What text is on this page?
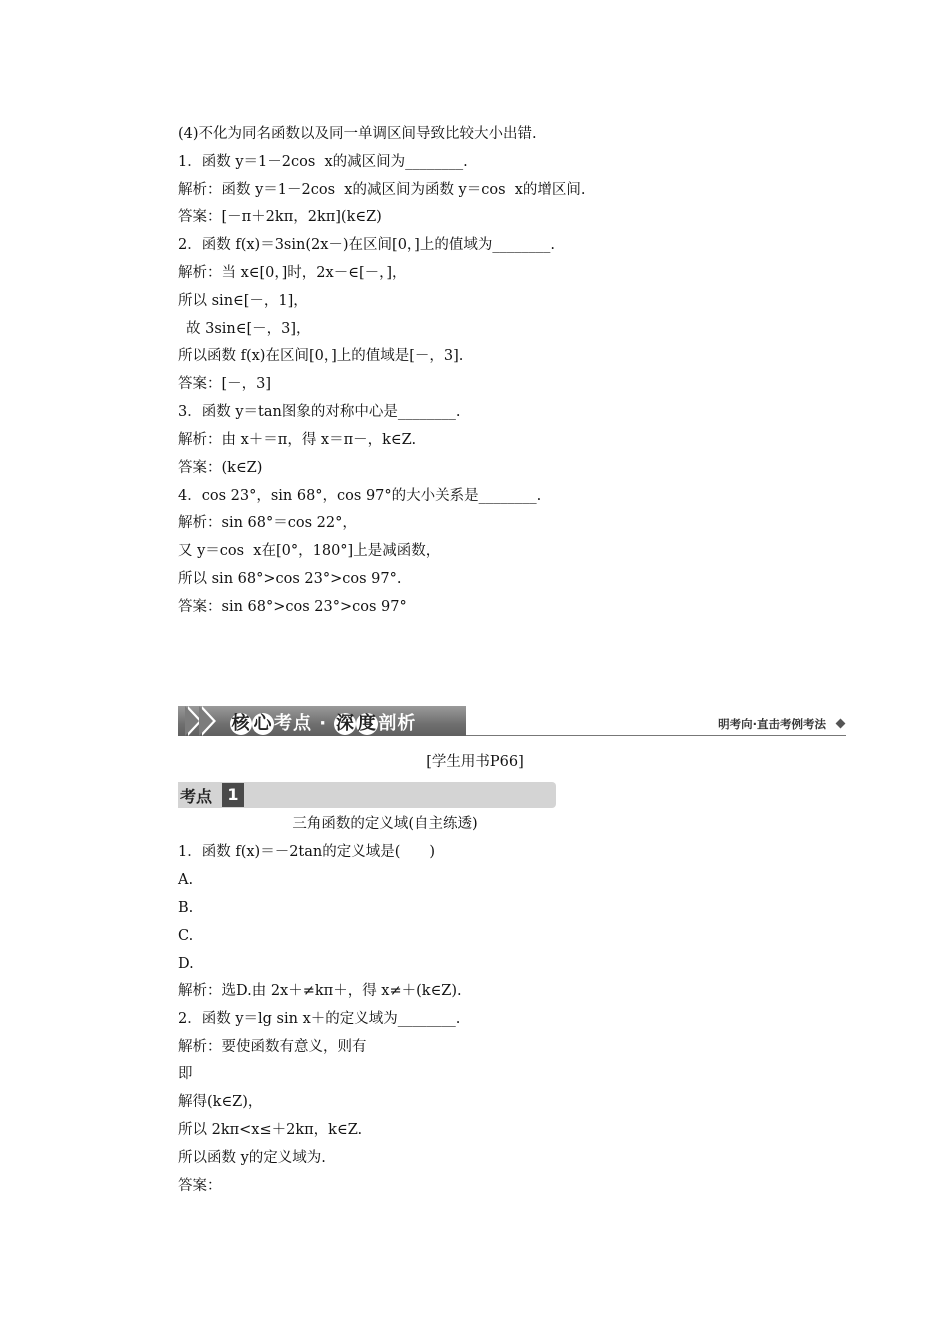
(4)不化为同名函数以及同一单调区间导致比较大小出错.
1．函数 y＝1－2cos  x的减区间为________.
解析：函数 y＝1－2cos  x的减区间为函数 y＝cos  x的增区间.
答案：[－π＋2kπ，2kπ](k∈Z)
2．函数 f(x)＝3sin(2x－)在区间[0，]上的值域为________.
解析：当 x∈[0，]时，2x－∈[－，]，
所以 sin∈[－，1]，
故 3sin∈[－，3]，
所以函数 f(x)在区间[0，]上的值域是[－，3].
答案：[－，3]
3．函数 y＝tan图象的对称中心是________.
解析：由 x＋＝π，得 x＝π－，k∈Z.
答案：(k∈Z)
4．cos 23°，sin 68°，cos 97°的大小关系是________.
解析：sin 68°＝cos 22°，
又 y＝cos  x在[0°，180°]上是减函数，
所以 sin 68°>cos 23°>cos 97°.
答案：sin 68°>cos 23°>cos 97°
核 心考点 · 深 度剖析	明考向·直击考例考法
[学生用书P66]
考点 1
三角函数的定义域(自主练透)
1．函数 f(x)＝－2tan的定义域是(　　)
A.
B.
C.
D.
解析：选D.由 2x＋≠kπ＋，得 x≠＋(k∈Z).
2．函数 y＝lg sin x＋的定义域为________.
解析：要使函数有意义，则有
即
解得(k∈Z)，
所以 2kπ<x≤＋2kπ，k∈Z.
所以函数 y的定义域为.
答案：
